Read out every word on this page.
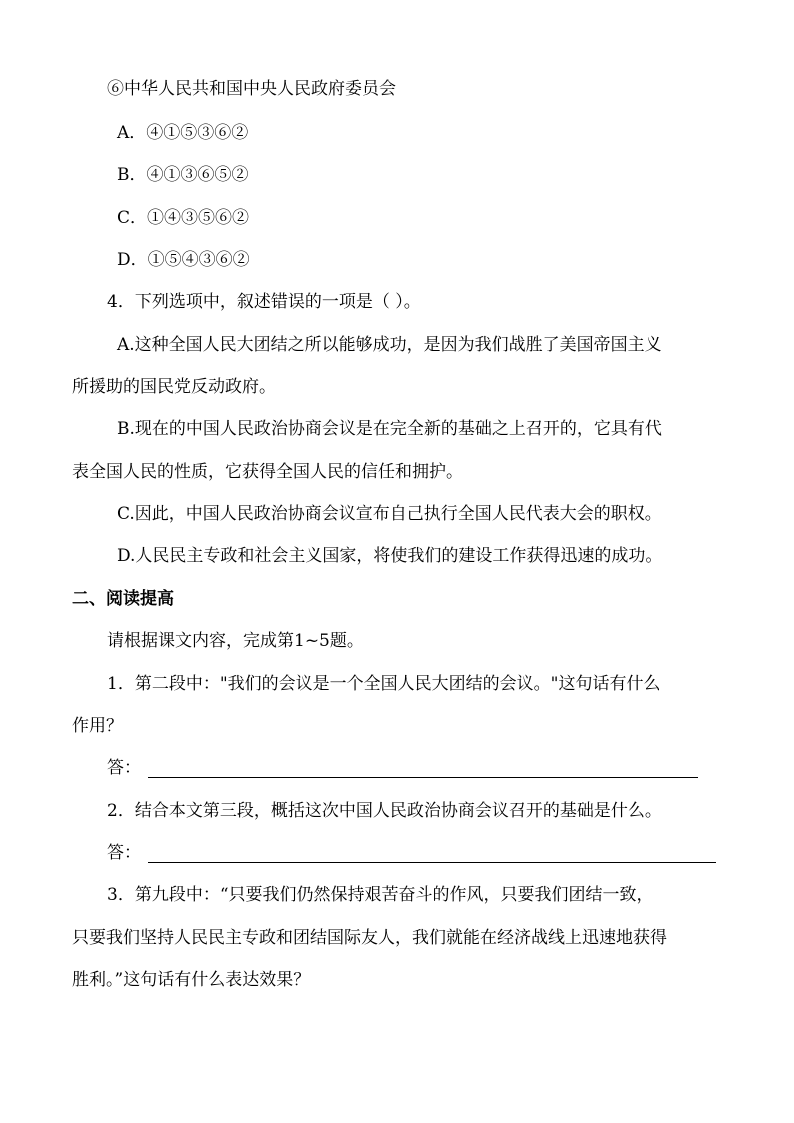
⑥中华人民共和国中央人民政府委员会
A．④①⑤③⑥②
B．④①③⑥⑤②
C．①④③⑤⑥②
D．①⑤④③⑥②
4．下列选项中，叙述错误的一项是（ ）。
A.这种全国人民大团结之所以能够成功，是因为我们战胜了美国帝国主义
所援助的国民党反动政府。
B.现在的中国人民政治协商会议是在完全新的基础之上召开的，它具有代
表全国人民的性质，它获得全国人民的信任和拥护。
C.因此，中国人民政治协商会议宣布自己执行全国人民代表大会的职权。
D.人民民主专政和社会主义国家，将使我们的建设工作获得迅速的成功。
二、阅读提高
请根据课文内容，完成第1~5题。
1．第二段中："我们的会议是一个全国人民大团结的会议。"这句话有什么
作用？
答：
2．结合本文第三段，概括这次中国人民政治协商会议召开的基础是什么。
答：
3．第九段中：“只要我们仍然保持艰苦奋斗的作风，只要我们团结一致，
只要我们坚持人民民主专政和团结国际友人，我们就能在经济战线上迅速地获得
胜利。”这句话有什么表达效果？
